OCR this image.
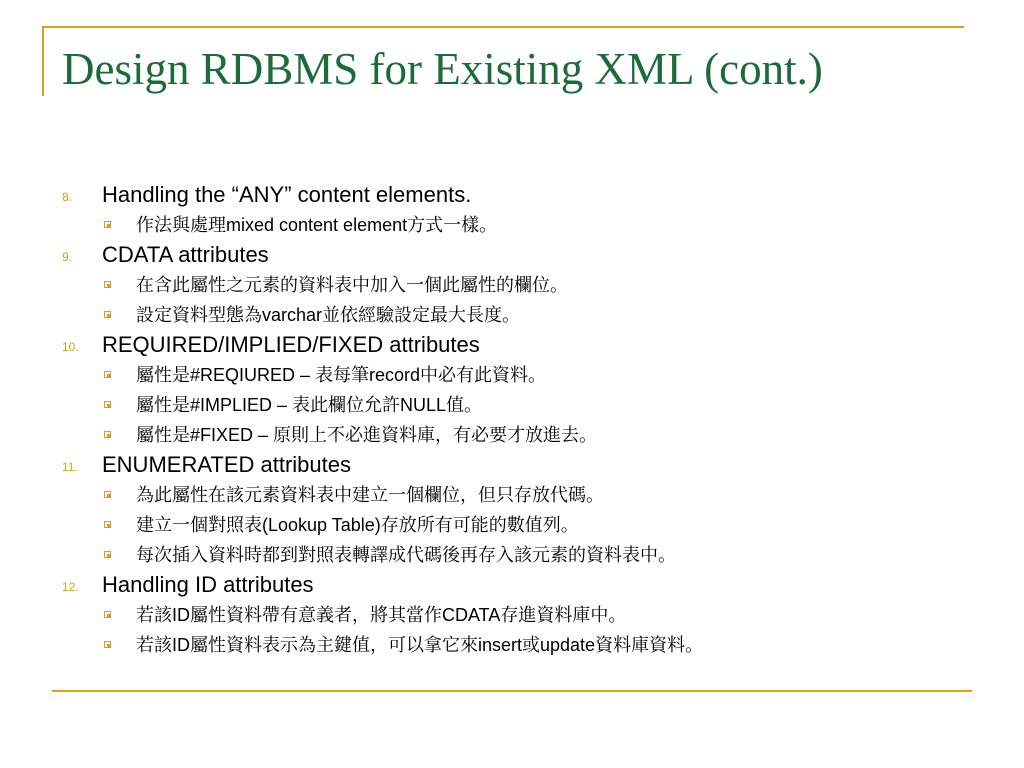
Design RDBMS for Existing XML (cont.)
8.	Handling the “ANY” content elements.
作法與處理mixed content element方式一樣。
9.	CDATA attributes
在含此屬性之元素的資料表中加入一個此屬性的欄位。
設定資料型態為varchar並依經驗設定最大長度。
10.	REQUIRED/IMPLIED/FIXED attributes
屬性是#REQIURED – 表每筆record中必有此資料。
屬性是#IMPLIED – 表此欄位允許NULL值。
屬性是#FIXED – 原則上不必進資料庫，有必要才放進去。
11.	ENUMERATED attributes
為此屬性在該元素資料表中建立一個欄位，但只存放代碼。
建立一個對照表(Lookup Table)存放所有可能的數值列。
每次插入資料時都到對照表轉譯成代碼後再存入該元素的資料表中。
12.	Handling ID attributes
若該ID屬性資料帶有意義者，將其當作CDATA存進資料庫中。
若該ID屬性資料表示為主鍵值，可以拿它來insert或update資料庫資料。
